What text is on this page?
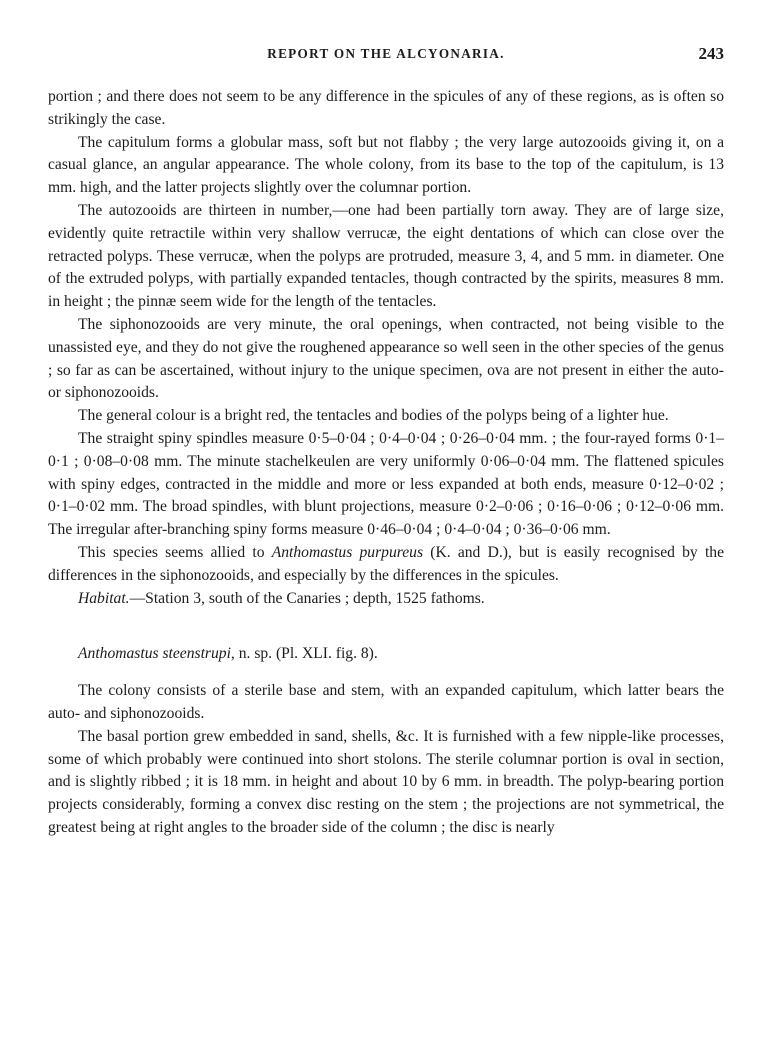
REPORT ON THE ALCYONARIA.	243

portion ; and there does not seem to be any difference in the spicules of any of these regions, as is often so strikingly the case.

The capitulum forms a globular mass, soft but not flabby ; the very large autozooids giving it, on a casual glance, an angular appearance. The whole colony, from its base to the top of the capitulum, is 13 mm. high, and the latter projects slightly over the columnar portion.

The autozooids are thirteen in number,—one had been partially torn away. They are of large size, evidently quite retractile within very shallow verrucæ, the eight dentations of which can close over the retracted polyps. These verrucæ, when the polyps are protruded, measure 3, 4, and 5 mm. in diameter. One of the extruded polyps, with partially expanded tentacles, though contracted by the spirits, measures 8 mm. in height ; the pinnæ seem wide for the length of the tentacles.

The siphonozooids are very minute, the oral openings, when contracted, not being visible to the unassisted eye, and they do not give the roughened appearance so well seen in the other species of the genus ; so far as can be ascertained, without injury to the unique specimen, ova are not present in either the auto- or siphonozooids.

The general colour is a bright red, the tentacles and bodies of the polyps being of a lighter hue.

The straight spiny spindles measure 0·5–0·04 ; 0·4–0·04 ; 0·26–0·04 mm. ; the four-rayed forms 0·1–0·1 ; 0·08–0·08 mm. The minute stachelkeulen are very uniformly 0·06–0·04 mm. The flattened spicules with spiny edges, contracted in the middle and more or less expanded at both ends, measure 0·12–0·02 ; 0·1–0·02 mm. The broad spindles, with blunt projections, measure 0·2–0·06 ; 0·16–0·06 ; 0·12–0·06 mm. The irregular after-branching spiny forms measure 0·46–0·04 ; 0·4–0·04 ; 0·36–0·06 mm.

This species seems allied to Anthomastus purpureus (K. and D.), but is easily recognised by the differences in the siphonozooids, and especially by the differences in the spicules.

Habitat.—Station 3, south of the Canaries ; depth, 1525 fathoms.

Anthomastus steenstrupi, n. sp. (Pl. XLI. fig. 8).

The colony consists of a sterile base and stem, with an expanded capitulum, which latter bears the auto- and siphonozooids.

The basal portion grew embedded in sand, shells, &c. It is furnished with a few nipple-like processes, some of which probably were continued into short stolons. The sterile columnar portion is oval in section, and is slightly ribbed ; it is 18 mm. in height and about 10 by 6 mm. in breadth. The polyp-bearing portion projects considerably, forming a convex disc resting on the stem ; the projections are not symmetrical, the greatest being at right angles to the broader side of the column ; the disc is nearly
